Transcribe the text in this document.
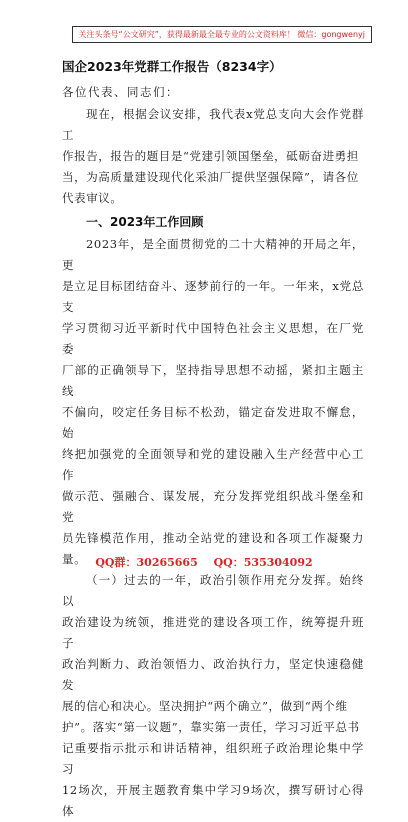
关注头条号“公文研究”，获得最新最全最专业的公文资料库！ 微信：gongwenyj
国企2023年党群工作报告（8234字）
各位代表、同志们：

现在，根据会议安排，我代表x党总支向大会作党群工
作报告，报告的题目是“党建引领国堡垒，砥砺奋进勇担
当，为高质量建设现代化采油厂提供坚强保障”，请各位
代表审议。

一、2023年工作回顾

2023年，是全面贯彻党的二十大精神的开局之年，更
是立足目标团结奋斗、逐梦前行的一年。一年来，x党总支
学习贯彻习近平新时代中国特色社会主义思想，在厂党委
厂部的正确领导下，坚持指导思想不动摇，紧扣主题主线
不偏向，咬定任务目标不松劲，锚定奋发进取不懈怠，始
终把加强党的全面领导和党的建设融入生产经营中心工作
做示范、强融合、谋发展，充分发挥党组织战斗堡垒和党
员先锋模范作用，推动全站党的建设和各项工作凝聚力量。

（一）过去的一年，政治引领作用充分发挥。始终以
政治建设为统领，推进党的建设各项工作，统筹提升班子
政治判断力、政治领悟力、政治执行力，坚定快速稳健发
展的信心和决心。坚决拥护“两个确立”，做到“两个维
护”。落实“第一议题”，靠实第一责任，学习习近平总书
记重要指示批示和讲话精神，组织班子政治理论集中学习
12场次，开展主题教育集中学习9场次，撰写研讨心得体

QQ群：30265665 QQ：535304092
